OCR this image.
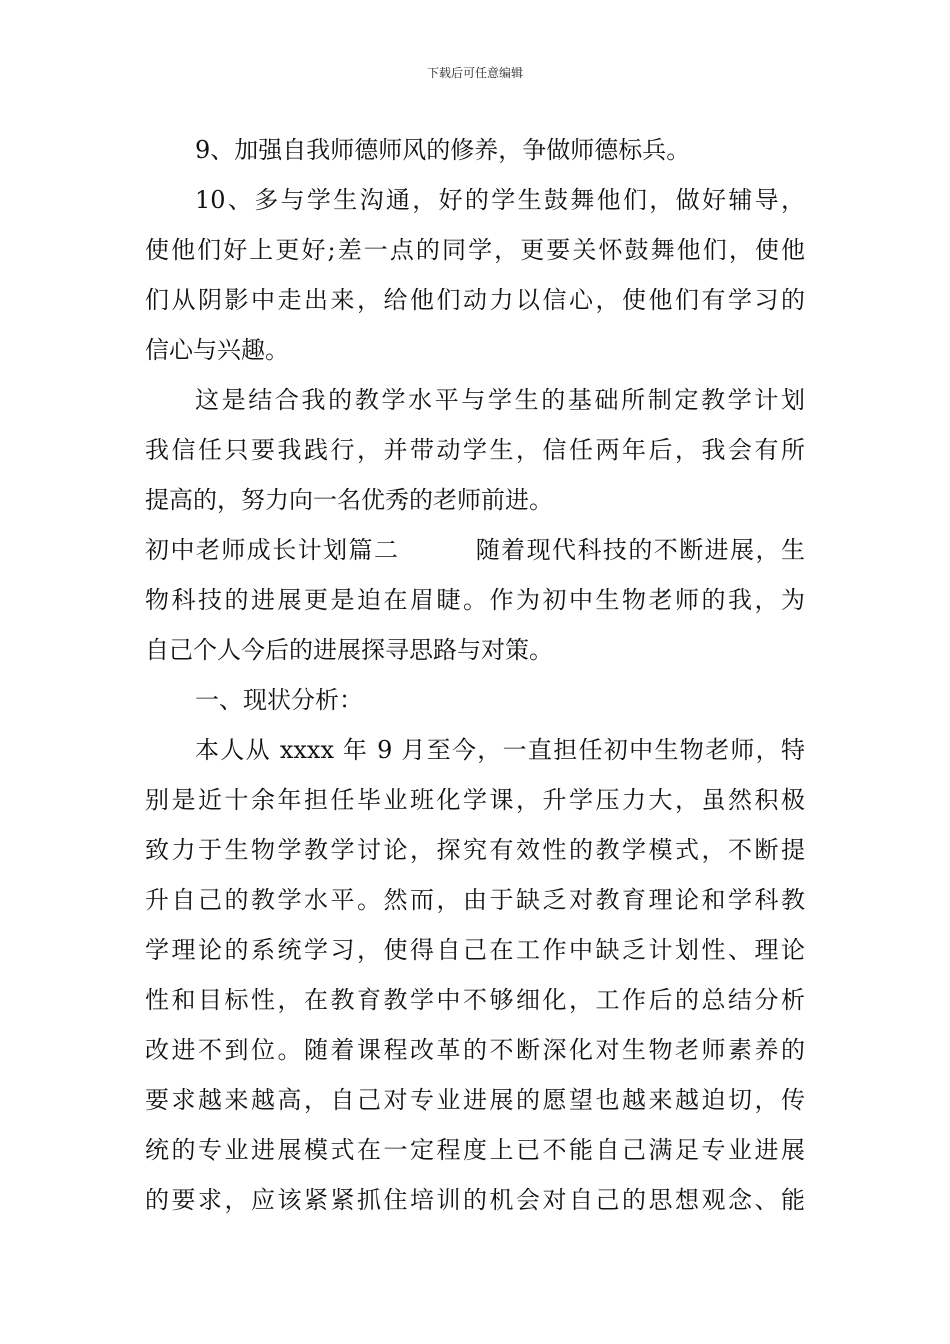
下载后可任意编辑
9、加强自我师德师风的修养，争做师德标兵。
10、多与学生沟通，好的学生鼓舞他们，做好辅导，
使他们好上更好;差一点的同学，更要关怀鼓舞他们，使他
们从阴影中走出来，给他们动力以信心，使他们有学习的
信心与兴趣。
这是结合我的教学水平与学生的基础所制定教学计划
我信任只要我践行，并带动学生，信任两年后，我会有所
提高的，努力向一名优秀的老师前进。
初中老师成长计划篇二　　　随着现代科技的不断进展，生
物科技的进展更是迫在眉睫。作为初中生物老师的我，为
自己个人今后的进展探寻思路与对策。
一、现状分析：
本人从 xxxx 年 9 月至今，一直担任初中生物老师，特
别是近十余年担任毕业班化学课，升学压力大，虽然积极
致力于生物学教学讨论，探究有效性的教学模式，不断提
升自己的教学水平。然而，由于缺乏对教育理论和学科教
学理论的系统学习，使得自己在工作中缺乏计划性、理论
性和目标性，在教育教学中不够细化，工作后的总结分析
改进不到位。随着课程改革的不断深化对生物老师素养的
要求越来越高，自己对专业进展的愿望也越来越迫切，传
统的专业进展模式在一定程度上已不能自己满足专业进展
的要求，应该紧紧抓住培训的机会对自己的思想观念、能
